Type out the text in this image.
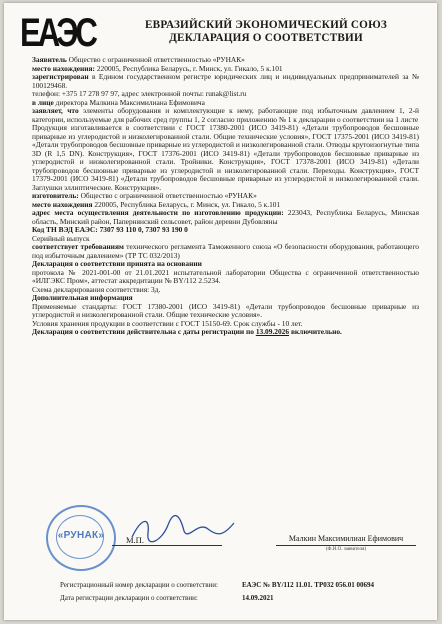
ЕАЭС	ЕВРАЗИЙСКИЙ ЭКОНОМИЧЕСКИЙ СОЮЗ
ДЕКЛАРАЦИЯ О СООТВЕТСТВИИ

Заявитель Общество с ограниченной ответственностью «РУНАК»

место нахождения: 220005, Республика Беларусь, г. Минск, ул. Гикало, 5 к.101

зарегистрирован в Едином государственном регистре юридических лиц и индивидуальных предпринимателей за № 100129468.

телефон: +375 17 278 97 97, адрес электронной почты: runak@list.ru

в лице директора Малкина Максимилиана Ефимовича

заявляет, что элементы оборудования и комплектующие к нему, работающие под избыточным давлением 1, 2-й категории, используемые для рабочих сред группы 1, 2 согласно приложению № 1 к декларации о соответствии на 1 листе

Продукция изготавливается в соответствии с ГОСТ 17380-2001 (ИСО 3419-81) «Детали трубопроводов бесшовные приварные из углеродистой и низколегированной стали. Общие технические условия», ГОСТ 17375-2001 (ИСО 3419-81) «Детали трубопроводов бесшовные приварные из углеродистой и низколегированной стали. Отводы крутоизогнутые типа 3D (R 1,5 DN). Конструкция», ГОСТ 17376-2001 (ИСО 3419-81) «Детали трубопроводов бесшовные приварные из углеродистой и низколегированной стали. Тройники. Конструкция», ГОСТ 17378-2001 (ИСО 3419-81) «Детали трубопроводов бесшовные приварные из углеродистой и низколегированной стали. Переходы. Конструкция», ГОСТ 17379-2001 (ИСО 3419-81) «Детали трубопроводов бесшовные приварные из углеродистой и низколегированной стали. Заглушки эллиптические. Конструкция».

изготовитель: Общество с ограниченной ответственностью «РУНАК»

место нахождения 220005, Республика Беларусь, г. Минск, ул. Гикало, 5 к.101

адрес места осуществления деятельности по изготовлению продукции: 223043, Республика Беларусь, Минская область, Минский район, Папернянский сельсовет, район деревни Дубовляны

Код ТН ВЭД ЕАЭС: 7307 93 110 0, 7307 93 190 0

Серийный выпуск

соответствует требованиям технического регламента Таможенного союза «О безопасности оборудования, работающего под избыточным давлением» (ТР ТС 032/2013)

Декларация о соответствии принята на основании

протокола № 2021-001-00 от 21.01.2021 испытательной лаборатории Общества с ограниченной ответственностью «ИЛГЭКС Пром», аттестат аккредитации № BY/112 2.5234.

Схема декларирования соответствия: 3д.

Дополнительная информация

Применяемые стандарты: ГОСТ 17380-2001 (ИСО 3419-81) «Детали трубопроводов бесшовные приварные из углеродистой и низколегированной стали. Общие технические условия».

Условия хранения продукции в соответствии с ГОСТ 15150-69. Срок службы - 10 лет.

Декларация о соответствии действительна с даты регистрации по 13.09.2026 включительно.

«РУНАК»	М.П.	Малкин Максимилиан Ефимович
(Ф.И.О. заявителя)
Регистрационный номер декларации о соответствии:	ЕАЭС № BY/112 11.01. ТР032 056.01 00694
Дата регистрации декларации о соответствии:	14.09.2021
